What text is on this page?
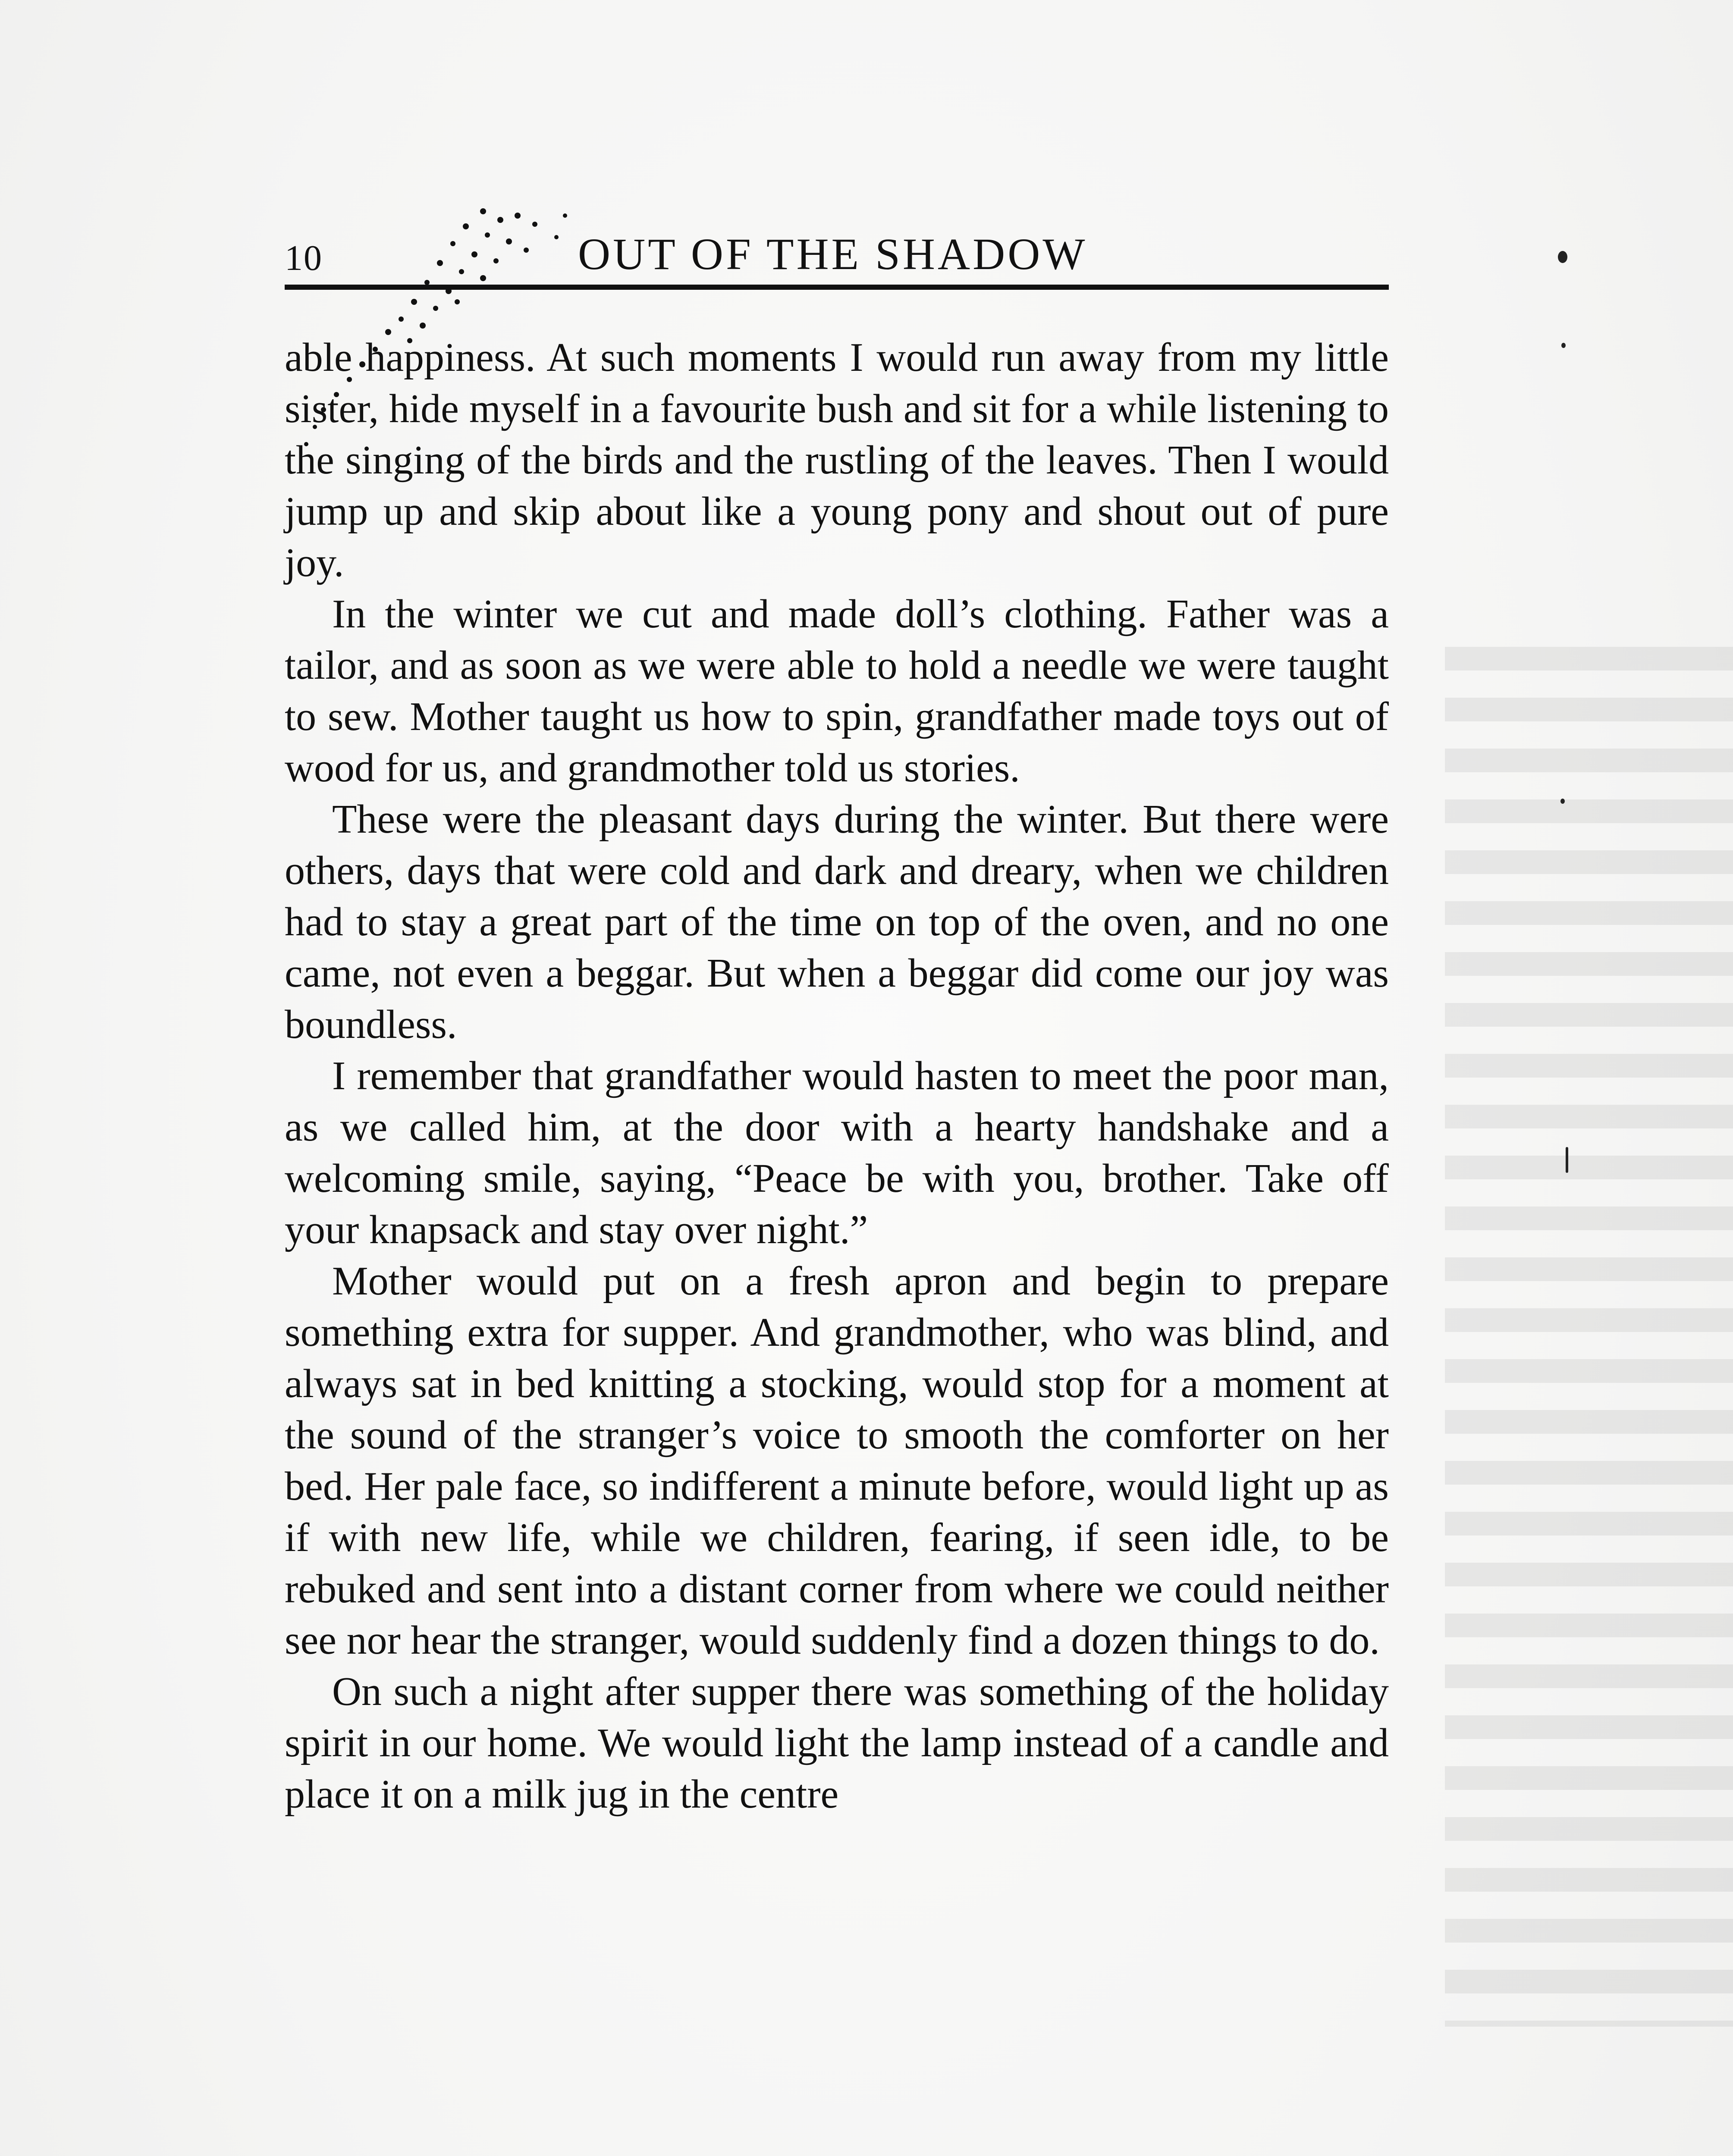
10	OUT OF THE SHADOW

able happiness. At such moments I would run away from my little sister, hide myself in a favourite bush and sit for a while listening to the singing of the birds and the rustling of the leaves. Then I would jump up and skip about like a young pony and shout out of pure joy.

In the winter we cut and made doll’s clothing. Father was a tailor, and as soon as we were able to hold a needle we were taught to sew. Mother taught us how to spin, grandfather made toys out of wood for us, and grandmother told us stories.

These were the pleasant days during the winter. But there were others, days that were cold and dark and dreary, when we children had to stay a great part of the time on top of the oven, and no one came, not even a beggar. But when a beggar did come our joy was boundless.

I remember that grandfather would hasten to meet the poor man, as we called him, at the door with a hearty handshake and a welcoming smile, saying, “Peace be with you, brother. Take off your knapsack and stay over night.”

Mother would put on a fresh apron and begin to prepare something extra for supper. And grandmother, who was blind, and always sat in bed knitting a stocking, would stop for a moment at the sound of the stranger’s voice to smooth the comforter on her bed. Her pale face, so indifferent a minute before, would light up as if with new life, while we children, fearing, if seen idle, to be rebuked and sent into a distant corner from where we could neither see nor hear the stranger, would suddenly find a dozen things to do.

On such a night after supper there was something of the holiday spirit in our home. We would light the lamp instead of a candle and place it on a milk jug in the centre
